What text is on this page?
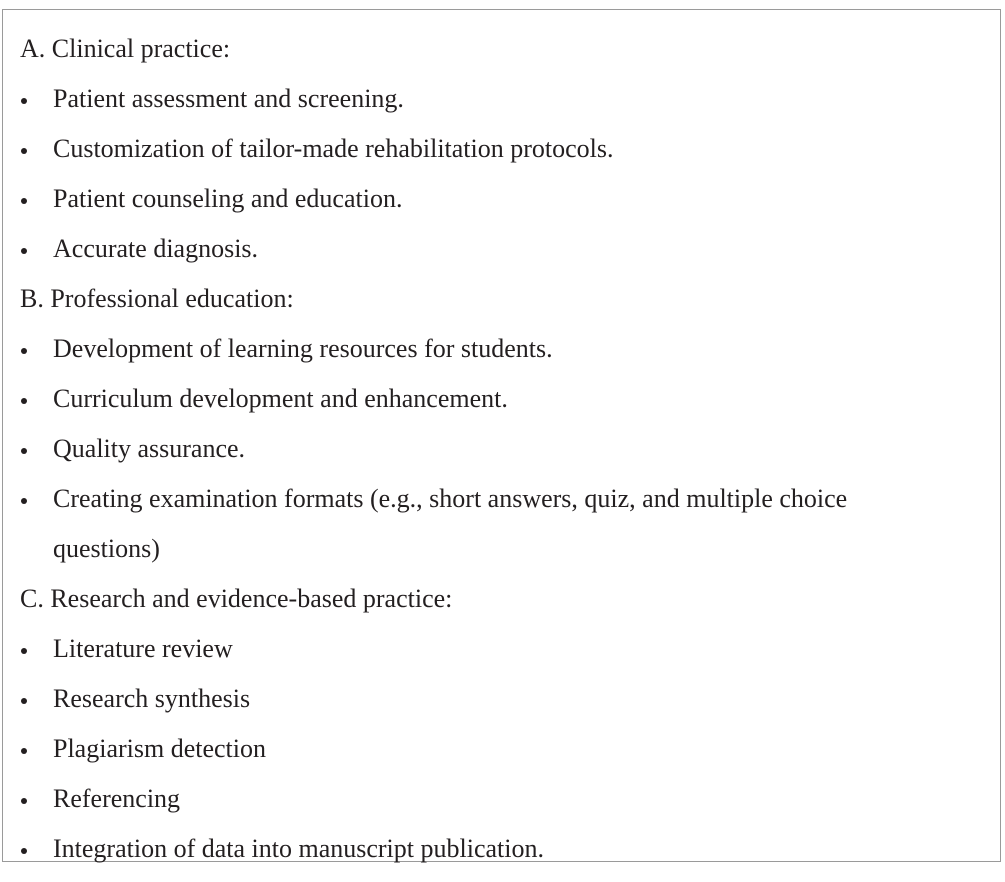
A. Clinical practice:
Patient assessment and screening.
Customization of tailor-made rehabilitation protocols.
Patient counseling and education.
Accurate diagnosis.
B. Professional education:
Development of learning resources for students.
Curriculum development and enhancement.
Quality assurance.
Creating examination formats (e.g., short answers, quiz, and multiple choice questions)
C. Research and evidence-based practice:
Literature review
Research synthesis
Plagiarism detection
Referencing
Integration of data into manuscript publication.
